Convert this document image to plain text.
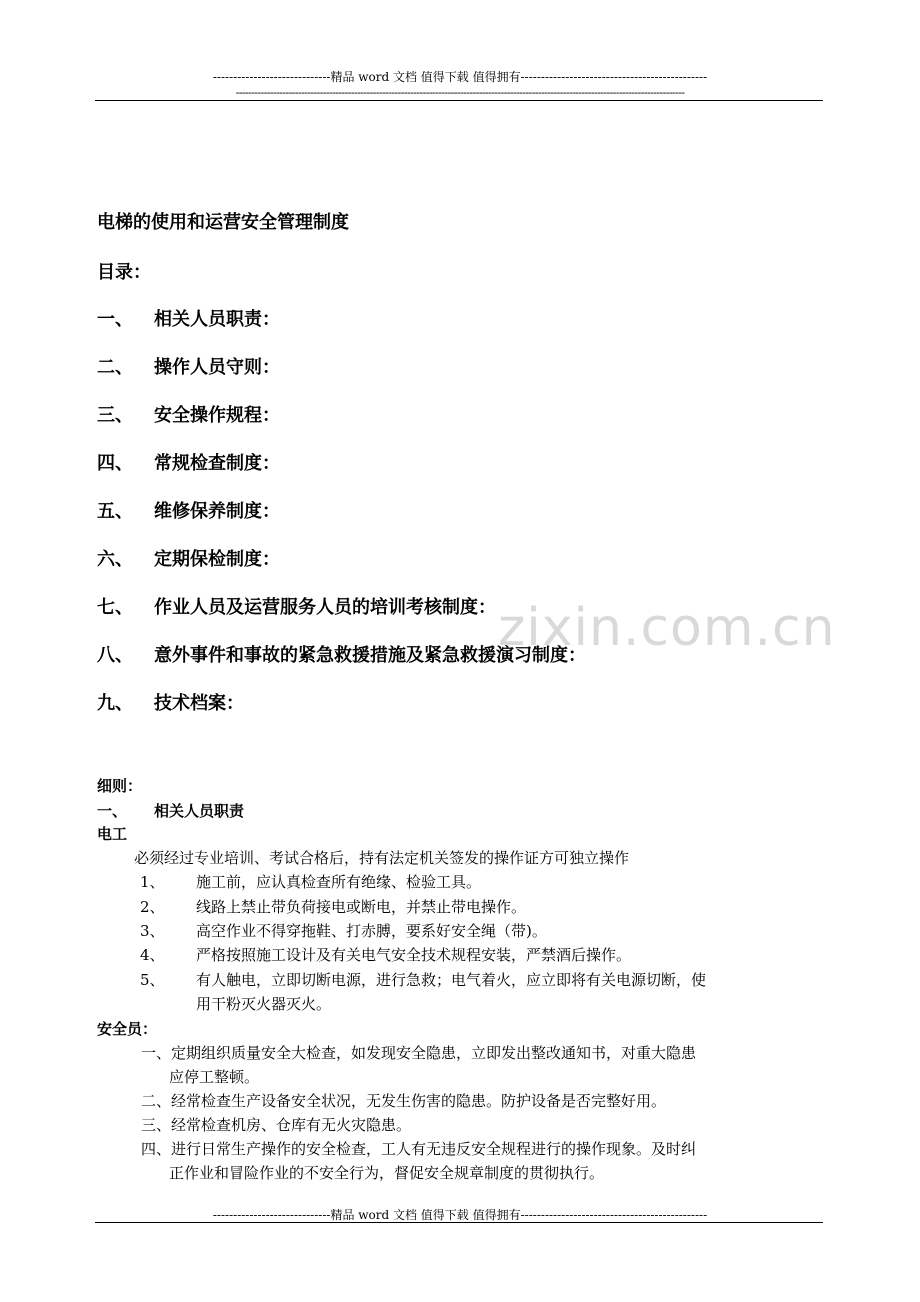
-----------------------------精品 word 文档 值得下载 值得拥有----------------------------------------------
------------------------------------------------------------------------------------------------------------------------------------------------
zixin.com.cn
电梯的使用和运营安全管理制度
目录：
一、 相关人员职责：
二、 操作人员守则：
三、 安全操作规程：
四、 常规检查制度：
五、 维修保养制度：
六、 定期保检制度：
七、 作业人员及运营服务人员的培训考核制度：
八、 意外事件和事故的紧急救援措施及紧急救援演习制度：
九、 技术档案：
细则：
一、 相关人员职责
电工
必须经过专业培训、考试合格后，持有法定机关签发的操作证方可独立操作
1、 施工前，应认真检查所有绝缘、检验工具。
2、 线路上禁止带负荷接电或断电，并禁止带电操作。
3、 高空作业不得穿拖鞋、打赤膊，要系好安全绳（带)。
4、 严格按照施工设计及有关电气安全技术规程安装，严禁酒后操作。
5、 有人触电，立即切断电源，进行急救；电气着火，应立即将有关电源切断，使
用干粉灭火器灭火。
安全员：
一、定期组织质量安全大检查，如发现安全隐患，立即发出整改通知书，对重大隐患
应停工整顿。
二、经常检查生产设备安全状况，无发生伤害的隐患。防护设备是否完整好用。
三、经常检查机房、仓库有无火灾隐患。
四、进行日常生产操作的安全检查，工人有无违反安全规程进行的操作现象。及时纠
正作业和冒险作业的不安全行为，督促安全规章制度的贯彻执行。
-----------------------------精品 word 文档 值得下载 值得拥有----------------------------------------------
